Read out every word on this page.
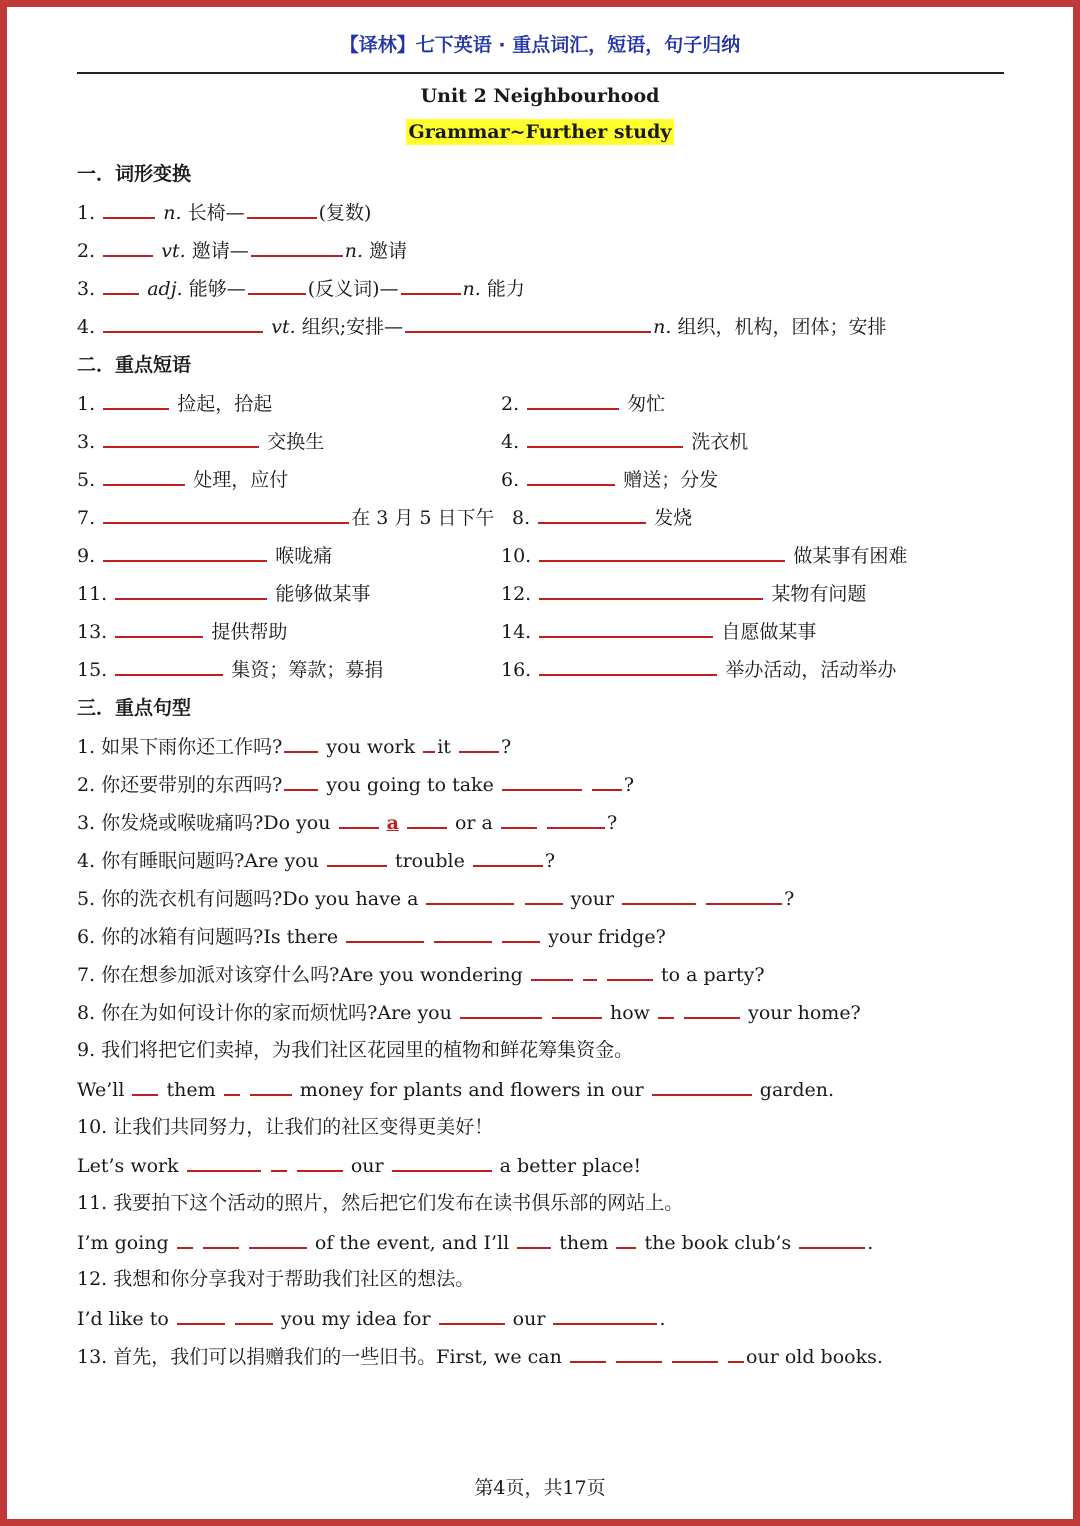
【译林】七下英语 · 重点词汇，短语，句子归纳
Unit 2 Neighbourhood
Grammar~Further study
一．词形变换
1.	n. 长椅—	(复数)
2.	vt. 邀请—	n. 邀请
3.	adj. 能够—	(反义词)—	n. 能力
4.	vt. 组织;安排—	n. 组织，机构，团体；安排
二．重点短语
1.	捡起，拾起	2.	匆忙
3.	交换生	4.	洗衣机
5.	处理，应付	6.	赠送；分发
7.	在 3 月 5 日下午 8.	发烧
9.	喉咙痛	10.	做某事有困难
11.	能够做某事	12.	某物有问题
13.	提供帮助	14.	自愿做某事
15.	集资；筹款；募捐	16.	举办活动，活动举办
三．重点句型
1. 如果下雨你还工作吗? you work it	?
2. 你还要带别的东西吗? you going to take	?
3. 你发烧或喉咙痛吗?Do you	a	or a	?
4. 你有睡眠问题吗?Are you	trouble	?
5. 你的洗衣机有问题吗?Do you have a	your	?
6. 你的冰箱有问题吗?Is there	your fridge?
7. 你在想参加派对该穿什么吗?Are you wondering	to a party?
8. 你在为如何设计你的家而烦忧吗?Are you	how	your home?
9. 我们将把它们卖掉，为我们社区花园里的植物和鲜花筹集资金。
We’ll them	money for plants and flowers in our	garden.
10. 让我们共同努力，让我们的社区变得更美好！
Let’s work	our	a better place!
11. 我要拍下这个活动的照片，然后把它们发布在读书俱乐部的网站上。
I’m going	of the event, and I’ll	them the book club’s	.
12. 我想和你分享我对于帮助我们社区的想法。
I’d like to	you my idea for	our	.
13. 首先，我们可以捐赠我们的一些旧书。First, we can	our old books.
第4页，共17页
